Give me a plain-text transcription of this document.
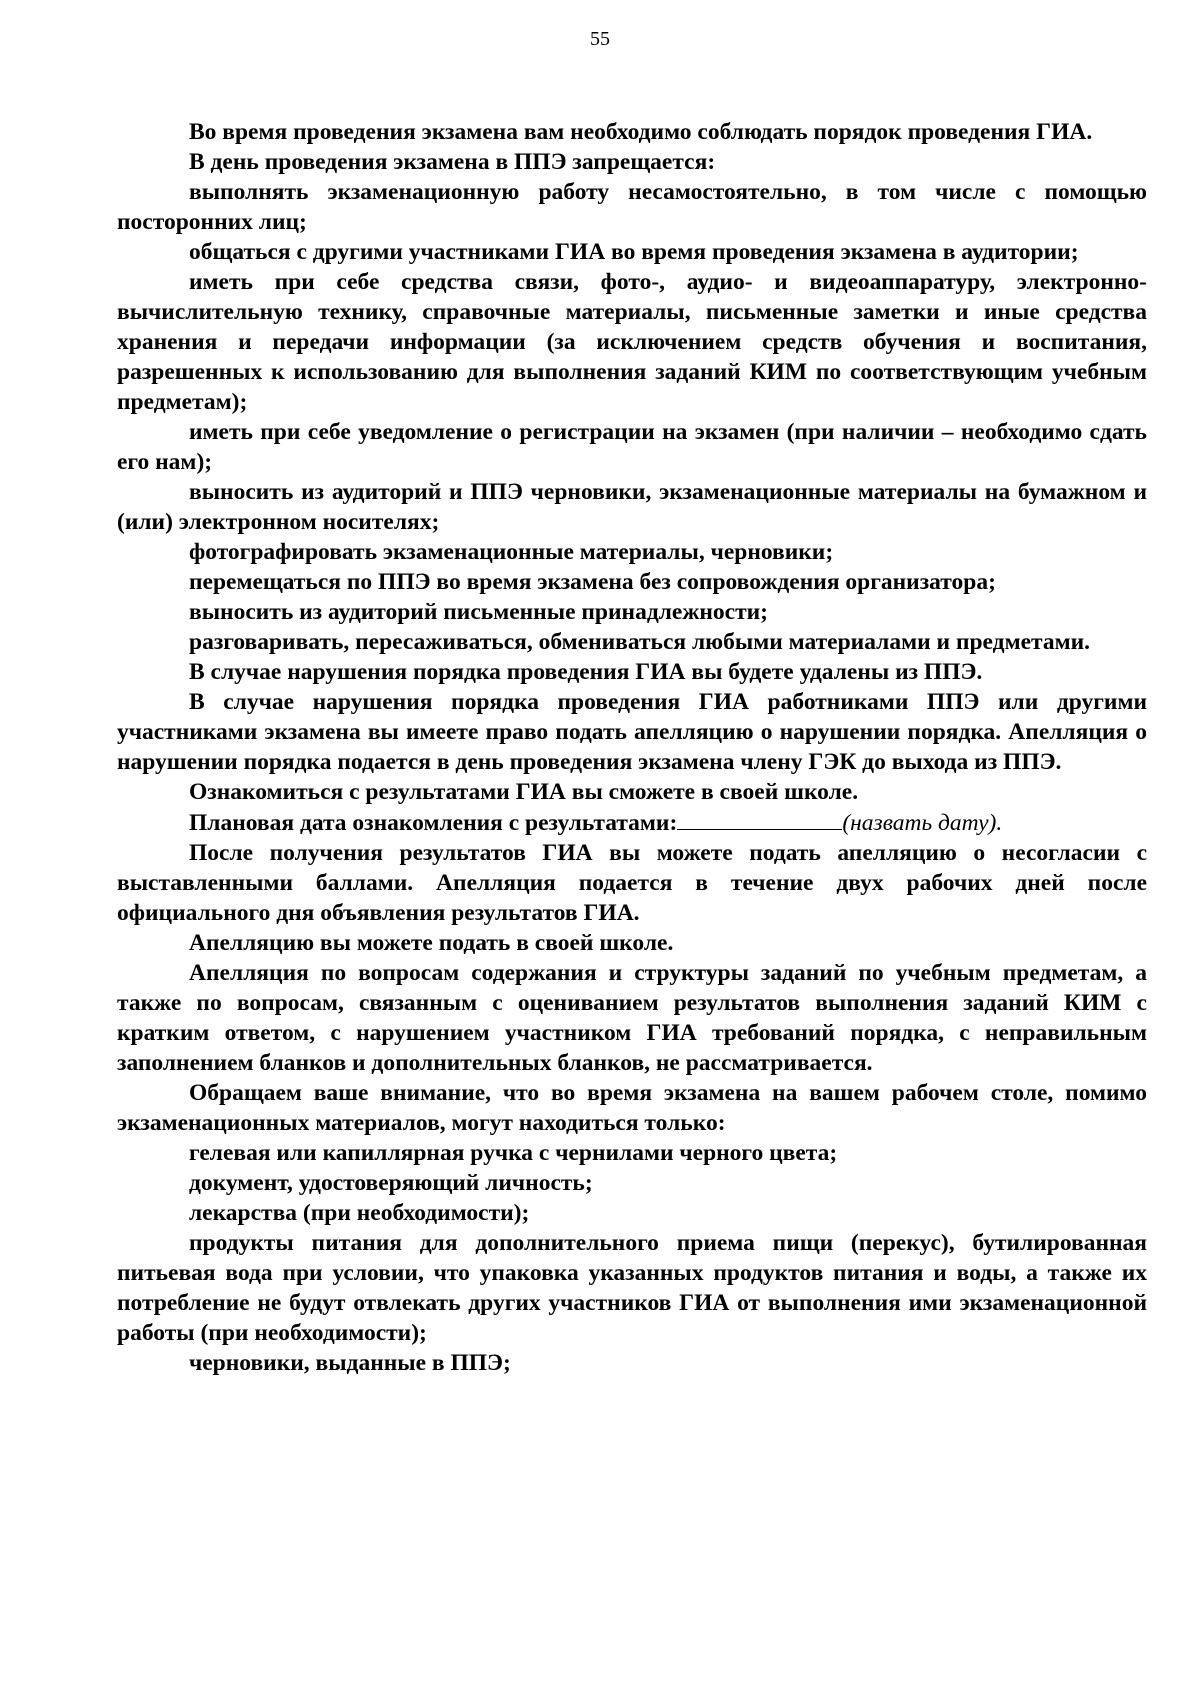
55

Во время проведения экзамена вам необходимо соблюдать порядок проведения ГИА.

В день проведения экзамена в ППЭ запрещается:

выполнять экзаменационную работу несамостоятельно, в том числе с помощью посторонних лиц;

общаться с другими участниками ГИА во время проведения экзамена в аудитории;

иметь при себе средства связи, фото-, аудио- и видеоаппаратуру, электронно-вычислительную технику, справочные материалы, письменные заметки и иные средства хранения и передачи информации (за исключением средств обучения и воспитания, разрешенных к использованию для выполнения заданий КИМ по соответствующим учебным предметам);

иметь при себе уведомление о регистрации на экзамен (при наличии – необходимо сдать его нам);

выносить из аудиторий и ППЭ черновики, экзаменационные материалы на бумажном и (или) электронном носителях;

фотографировать экзаменационные материалы, черновики;

перемещаться по ППЭ во время экзамена без сопровождения организатора;

выносить из аудиторий письменные принадлежности;

разговаривать, пересаживаться, обмениваться любыми материалами и предметами.

В случае нарушения порядка проведения ГИА вы будете удалены из ППЭ.

В случае нарушения порядка проведения ГИА работниками ППЭ или другими участниками экзамена вы имеете право подать апелляцию о нарушении порядка. Апелляция о нарушении порядка подается в день проведения экзамена члену ГЭК до выхода из ППЭ.

Ознакомиться с результатами ГИА вы сможете в своей школе.

Плановая дата ознакомления с результатами:	(назвать дату).

После получения результатов ГИА вы можете подать апелляцию о несогласии с выставленными баллами. Апелляция подается в течение двух рабочих дней после официального дня объявления результатов ГИА.

Апелляцию вы можете подать в своей школе.

Апелляция по вопросам содержания и структуры заданий по учебным предметам, а также по вопросам, связанным с оцениванием результатов выполнения заданий КИМ с кратким ответом, с нарушением участником ГИА требований порядка, с неправильным заполнением бланков и дополнительных бланков, не рассматривается.

Обращаем ваше внимание, что во время экзамена на вашем рабочем столе, помимо экзаменационных материалов, могут находиться только:

гелевая или капиллярная ручка с чернилами черного цвета;

документ, удостоверяющий личность;

лекарства (при необходимости);

продукты питания для дополнительного приема пищи (перекус), бутилированная питьевая вода при условии, что упаковка указанных продуктов питания и воды, а также их потребление не будут отвлекать других участников ГИА от выполнения ими экзаменационной работы (при необходимости);

черновики, выданные в ППЭ;
